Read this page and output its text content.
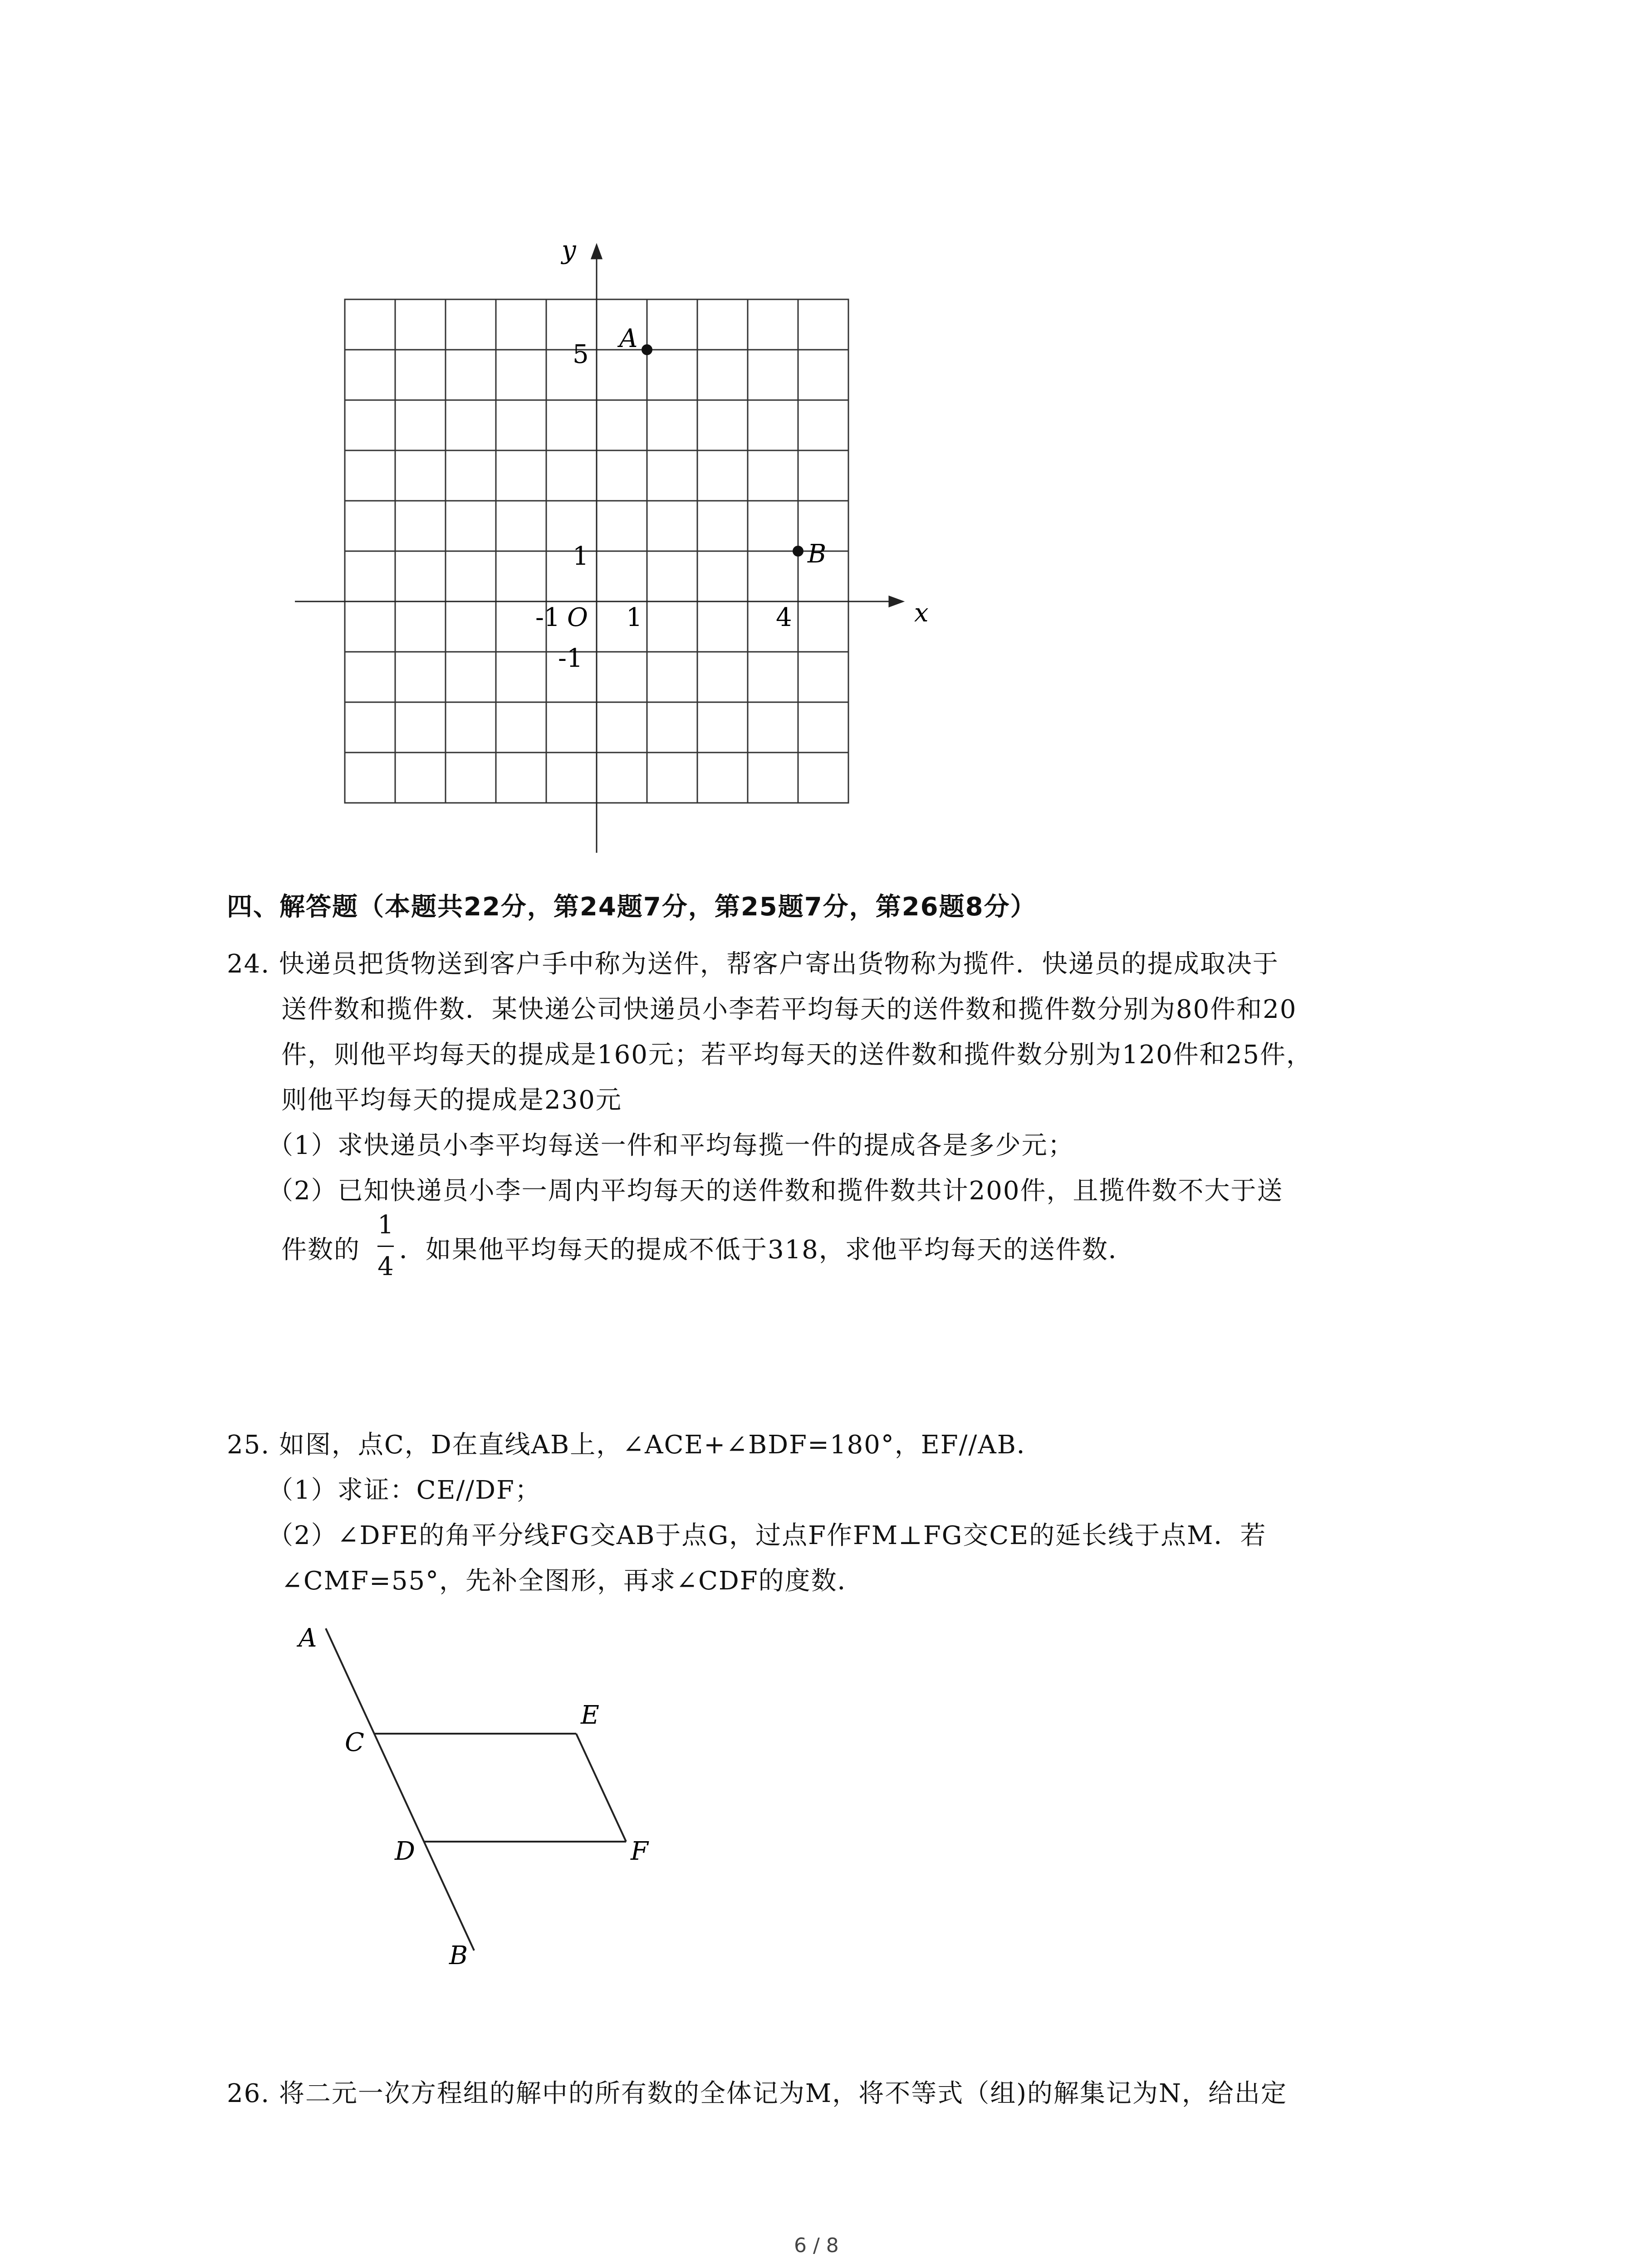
x
y
O
-1	1	4
1
5
-1
A
B
四、解答题（本题共22分，第24题7分，第25题7分，第26题8分）
24. 快递员把货物送到客户手中称为送件，帮客户寄出货物称为揽件．快递员的提成取决于
送件数和揽件数．某快递公司快递员小李若平均每天的送件数和揽件数分别为80件和20
件，则他平均每天的提成是160元；若平均每天的送件数和揽件数分别为120件和25件，
则他平均每天的提成是230元
（1）求快递员小李平均每送一件和平均每揽一件的提成各是多少元；
（2）已知快递员小李一周内平均每天的送件数和揽件数共计200件，且揽件数不大于送
件数的
1
4
．如果他平均每天的提成不低于318，求他平均每天的送件数．
25. 如图，点C，D在直线AB上，∠ACE+∠BDF=180°，EF//AB．
（1）求证：CE//DF；
（2）∠DFE的角平分线FG交AB于点G，过点F作FM⊥FG交CE的延长线于点M．若
∠CMF=55°，先补全图形，再求∠CDF的度数．
A
C
E
D	F
B
26. 将二元一次方程组的解中的所有数的全体记为M，将不等式（组)的解集记为N，给出定
6 / 8
